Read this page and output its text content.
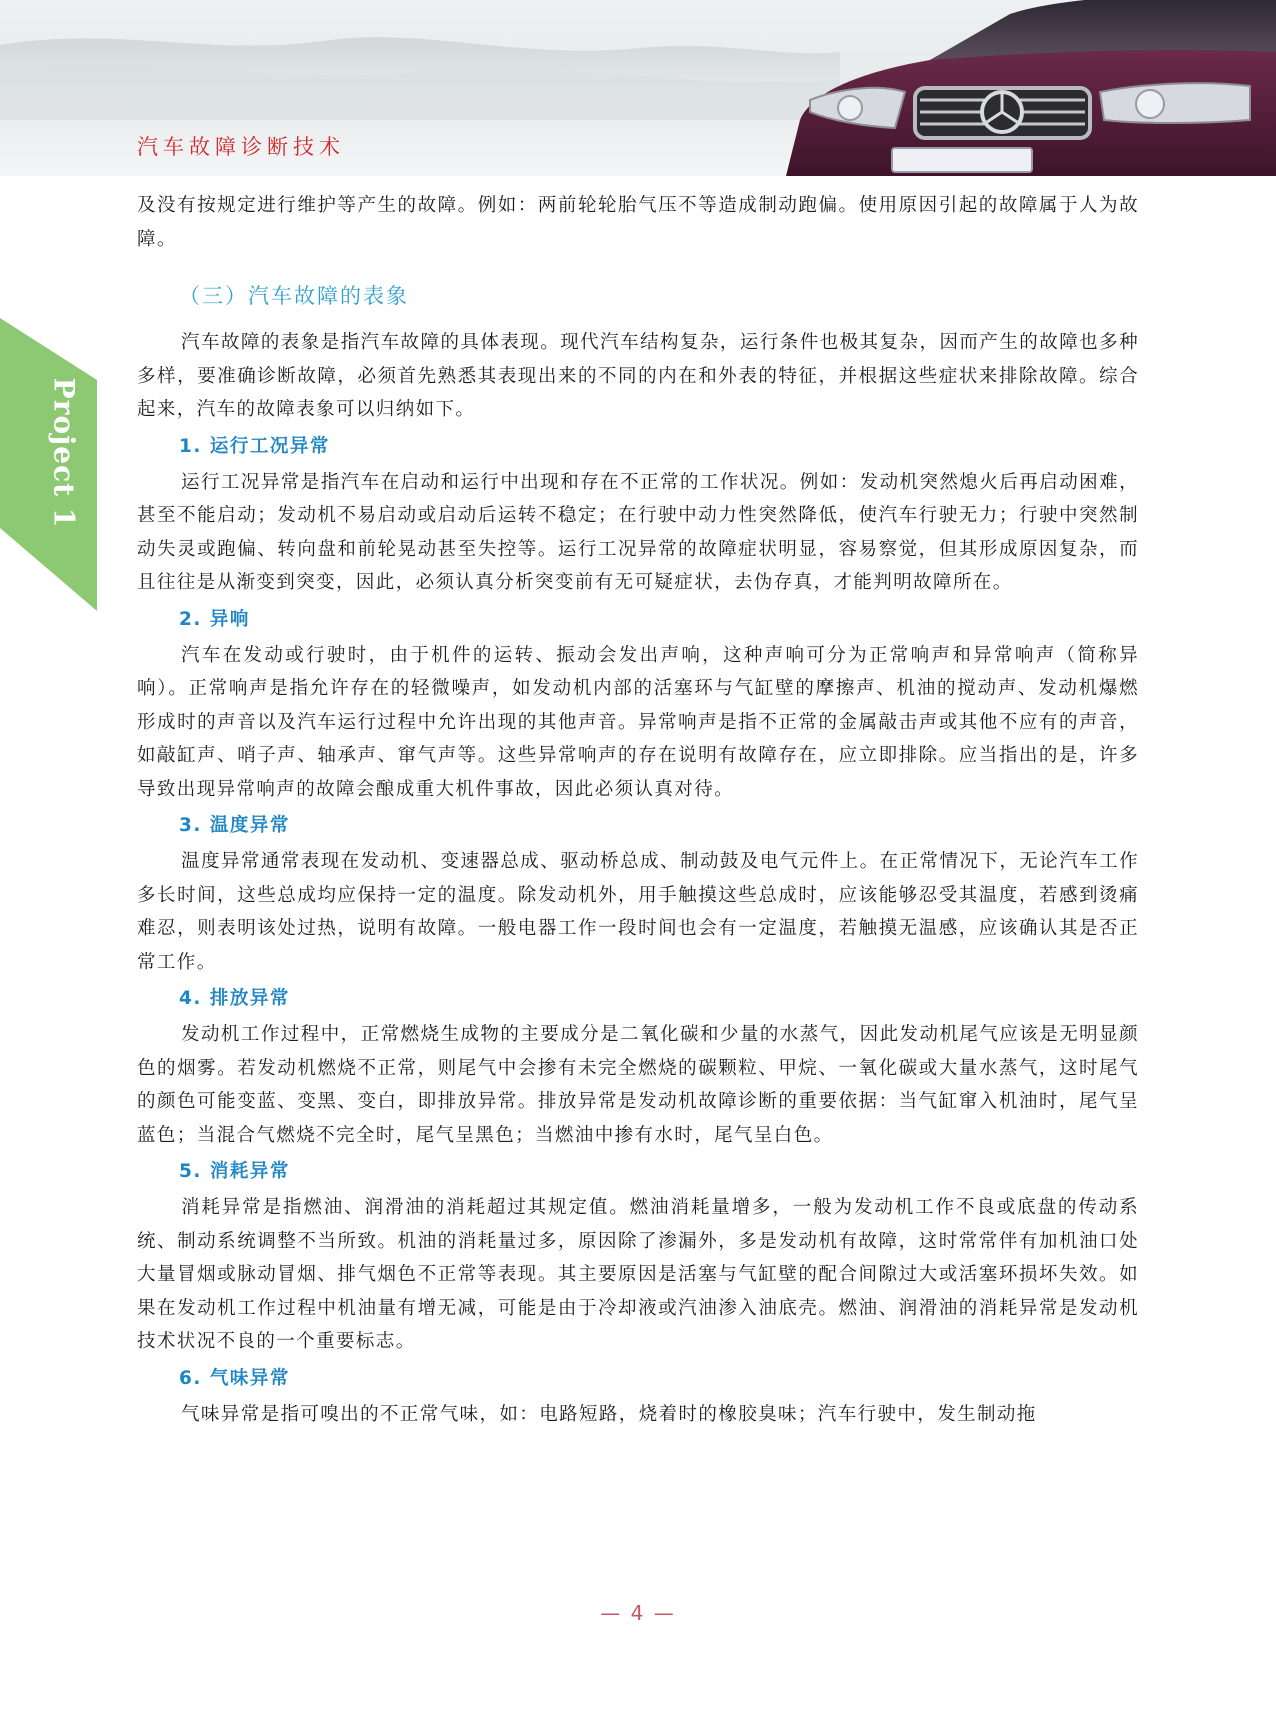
汽车故障诊断技术
Project 1

及没有按规定进行维护等产生的故障。例如：两前轮轮胎气压不等造成制动跑偏。使用原因引起的故障属于人为故障。

（三）汽车故障的表象

汽车故障的表象是指汽车故障的具体表现。现代汽车结构复杂，运行条件也极其复杂，因而产生的故障也多种多样，要准确诊断故障，必须首先熟悉其表现出来的不同的内在和外表的特征，并根据这些症状来排除故障。综合起来，汽车的故障表象可以归纳如下。

1. 运行工况异常

运行工况异常是指汽车在启动和运行中出现和存在不正常的工作状况。例如：发动机突然熄火后再启动困难，甚至不能启动；发动机不易启动或启动后运转不稳定；在行驶中动力性突然降低，使汽车行驶无力；行驶中突然制动失灵或跑偏、转向盘和前轮晃动甚至失控等。运行工况异常的故障症状明显，容易察觉，但其形成原因复杂，而且往往是从渐变到突变，因此，必须认真分析突变前有无可疑症状，去伪存真，才能判明故障所在。

2. 异响

汽车在发动或行驶时，由于机件的运转、振动会发出声响，这种声响可分为正常响声和异常响声（简称异响）。正常响声是指允许存在的轻微噪声，如发动机内部的活塞环与气缸壁的摩擦声、机油的搅动声、发动机爆燃形成时的声音以及汽车运行过程中允许出现的其他声音。异常响声是指不正常的金属敲击声或其他不应有的声音，如敲缸声、哨子声、轴承声、窜气声等。这些异常响声的存在说明有故障存在，应立即排除。应当指出的是，许多导致出现异常响声的故障会酿成重大机件事故，因此必须认真对待。

3. 温度异常

温度异常通常表现在发动机、变速器总成、驱动桥总成、制动鼓及电气元件上。在正常情况下，无论汽车工作多长时间，这些总成均应保持一定的温度。除发动机外，用手触摸这些总成时，应该能够忍受其温度，若感到烫痛难忍，则表明该处过热，说明有故障。一般电器工作一段时间也会有一定温度，若触摸无温感，应该确认其是否正常工作。

4. 排放异常

发动机工作过程中，正常燃烧生成物的主要成分是二氧化碳和少量的水蒸气，因此发动机尾气应该是无明显颜色的烟雾。若发动机燃烧不正常，则尾气中会掺有未完全燃烧的碳颗粒、甲烷、一氧化碳或大量水蒸气，这时尾气的颜色可能变蓝、变黑、变白，即排放异常。排放异常是发动机故障诊断的重要依据：当气缸窜入机油时，尾气呈蓝色；当混合气燃烧不完全时，尾气呈黑色；当燃油中掺有水时，尾气呈白色。

5. 消耗异常

消耗异常是指燃油、润滑油的消耗超过其规定值。燃油消耗量增多，一般为发动机工作不良或底盘的传动系统、制动系统调整不当所致。机油的消耗量过多，原因除了渗漏外，多是发动机有故障，这时常常伴有加机油口处大量冒烟或脉动冒烟、排气烟色不正常等表现。其主要原因是活塞与气缸壁的配合间隙过大或活塞环损坏失效。如果在发动机工作过程中机油量有增无减，可能是由于冷却液或汽油渗入油底壳。燃油、润滑油的消耗异常是发动机技术状况不良的一个重要标志。

6. 气味异常

气味异常是指可嗅出的不正常气味，如：电路短路，烧着时的橡胶臭味；汽车行驶中，发生制动拖

— 4 —
